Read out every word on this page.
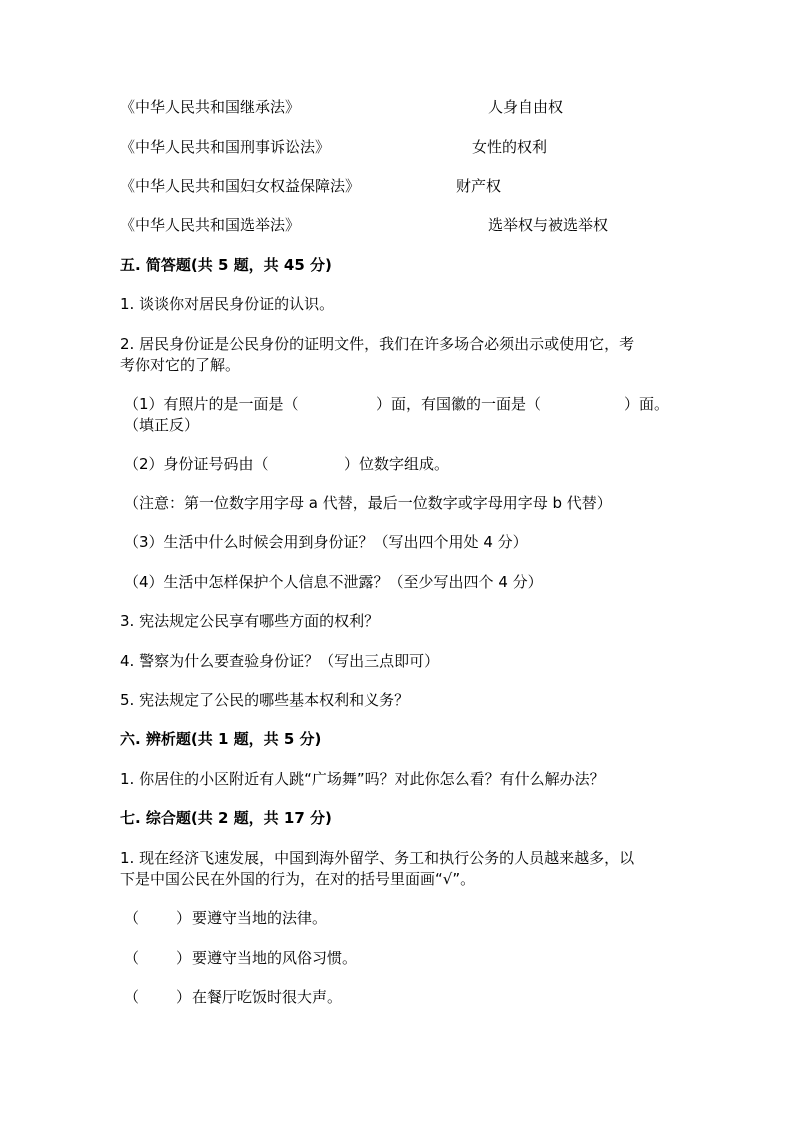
《中华人民共和国继承法》	人身自由权
《中华人民共和国刑事诉讼法》	女性的权利
《中华人民共和国妇女权益保障法》	财产权
《中华人民共和国选举法》	选举权与被选举权
五. 简答题(共 5 题，共 45 分)
1. 谈谈你对居民身份证的认识。
2. 居民身份证是公民身份的证明文件，我们在许多场合必须出示或使用它，考
考你对它的了解。
（1）有照片的是一面是（	）面，有国徽的一面是（	）面。
（填正反）
（2）身份证号码由（	）位数字组成。
（注意：第一位数字用字母 a 代替，最后一位数字或字母用字母 b 代替）
（3）生活中什么时候会用到身份证？（写出四个用处 4 分）
（4）生活中怎样保护个人信息不泄露？（至少写出四个 4 分）
3. 宪法规定公民享有哪些方面的权利？
4. 警察为什么要查验身份证？（写出三点即可）
5. 宪法规定了公民的哪些基本权利和义务？
六. 辨析题(共 1 题，共 5 分)
1. 你居住的小区附近有人跳“广场舞”吗？对此你怎么看？有什么解办法？
七. 综合题(共 2 题，共 17 分)
1. 现在经济飞速发展，中国到海外留学、务工和执行公务的人员越来越多，以
下是中国公民在外国的行为，在对的括号里面画“√”。
（ ） 要遵守当地的法律。
（ ） 要遵守当地的风俗习惯。
（ ） 在餐厅吃饭时很大声。
